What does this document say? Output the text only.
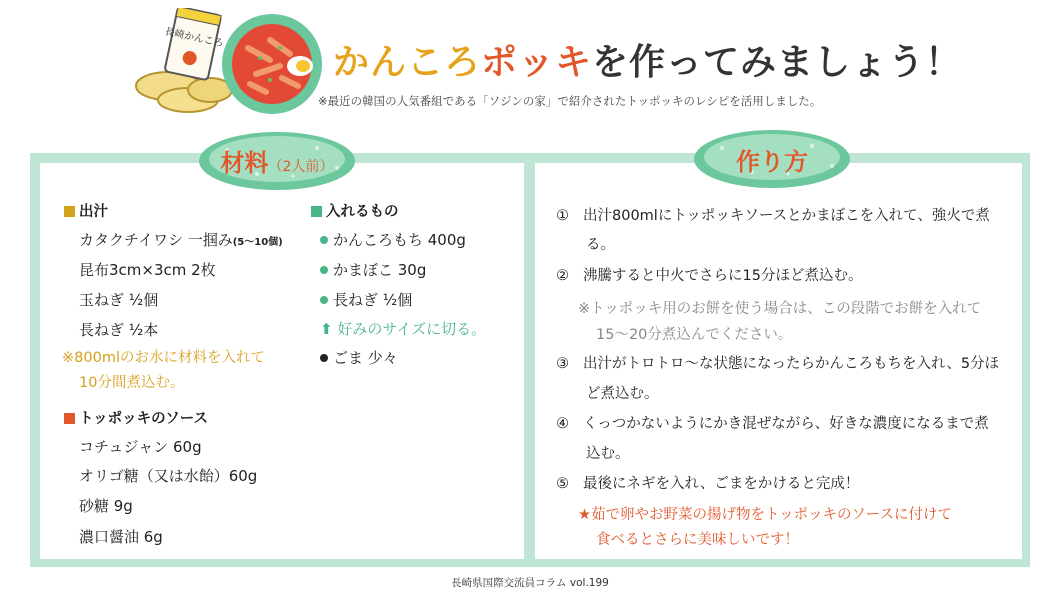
長崎かんころ
かんころポッキを作ってみましょう！
※最近の韓国の人気番組である「ソジンの家」で紹介されたトッポッキのレシピを活用しました。
材料（2人前）	作り方
出汁
カタクチイワシ 一掴み(5～10個)
昆布3cm×3cm 2枚
玉ねぎ ½個
長ねぎ ½本
※800mlのお水に材料を入れて
10分間煮込む。
トッポッキのソース
コチュジャン 60g
オリゴ糖（又は水飴）60g
砂糖 9g
濃口醤油 6g
入れるもの
かんころもち 400g
かまぼこ 30g
長ねぎ ½個
⬆ 好みのサイズに切る。
ごま 少々
① 出汁800mlにトッポッキソースとかまぼこを入れて、強火で煮
る。
② 沸騰すると中火でさらに15分ほど煮込む。
※トッポッキ用のお餅を使う場合は、この段階でお餅を入れて
15～20分煮込んでください。
③ 出汁がトロトロ～な状態になったらかんころもちを入れ、5分ほ
ど煮込む。
④ くっつかないようにかき混ぜながら、好きな濃度になるまで煮
込む。
⑤ 最後にネギを入れ、ごまをかけると完成！
★茹で卵やお野菜の揚げ物をトッポッキのソースに付けて
食べるとさらに美味しいです！
長崎県国際交流員コラム vol.199
